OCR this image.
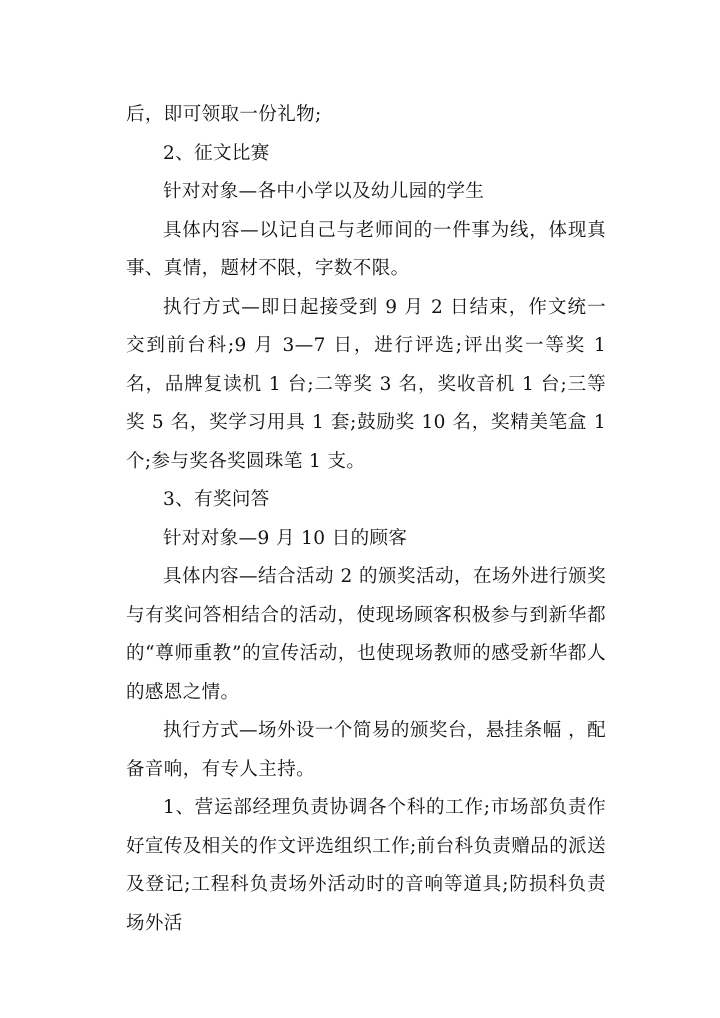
后，即可领取一份礼物;

2、征文比赛

针对对象—各中小学以及幼儿园的学生

具体内容—以记自己与老师间的一件事为线，体现真事、真情，题材不限，字数不限。

执行方式—即日起接受到 9 月 2 日结束，作文统一交到前台科;9 月 3—7 日，进行评选;评出奖一等奖 1 名，品牌复读机 1 台;二等奖 3 名，奖收音机 1 台;三等奖 5 名，奖学习用具 1 套;鼓励奖 10 名，奖精美笔盒 1 个;参与奖各奖圆珠笔 1 支。

3、有奖问答

针对对象—9 月 10 日的顾客

具体内容—结合活动 2 的颁奖活动，在场外进行颁奖与有奖问答相结合的活动，使现场顾客积极参与到新华都的“尊师重教”的宣传活动，也使现场教师的感受新华都人的感恩之情。

执行方式—场外设一个简易的颁奖台，悬挂条幅 ，配备音响，有专人主持。

1、营运部经理负责协调各个科的工作;市场部负责作好宣传及相关的作文评选组织工作;前台科负责赠品的派送及登记;工程科负责场外活动时的音响等道具;防损科负责场外活
